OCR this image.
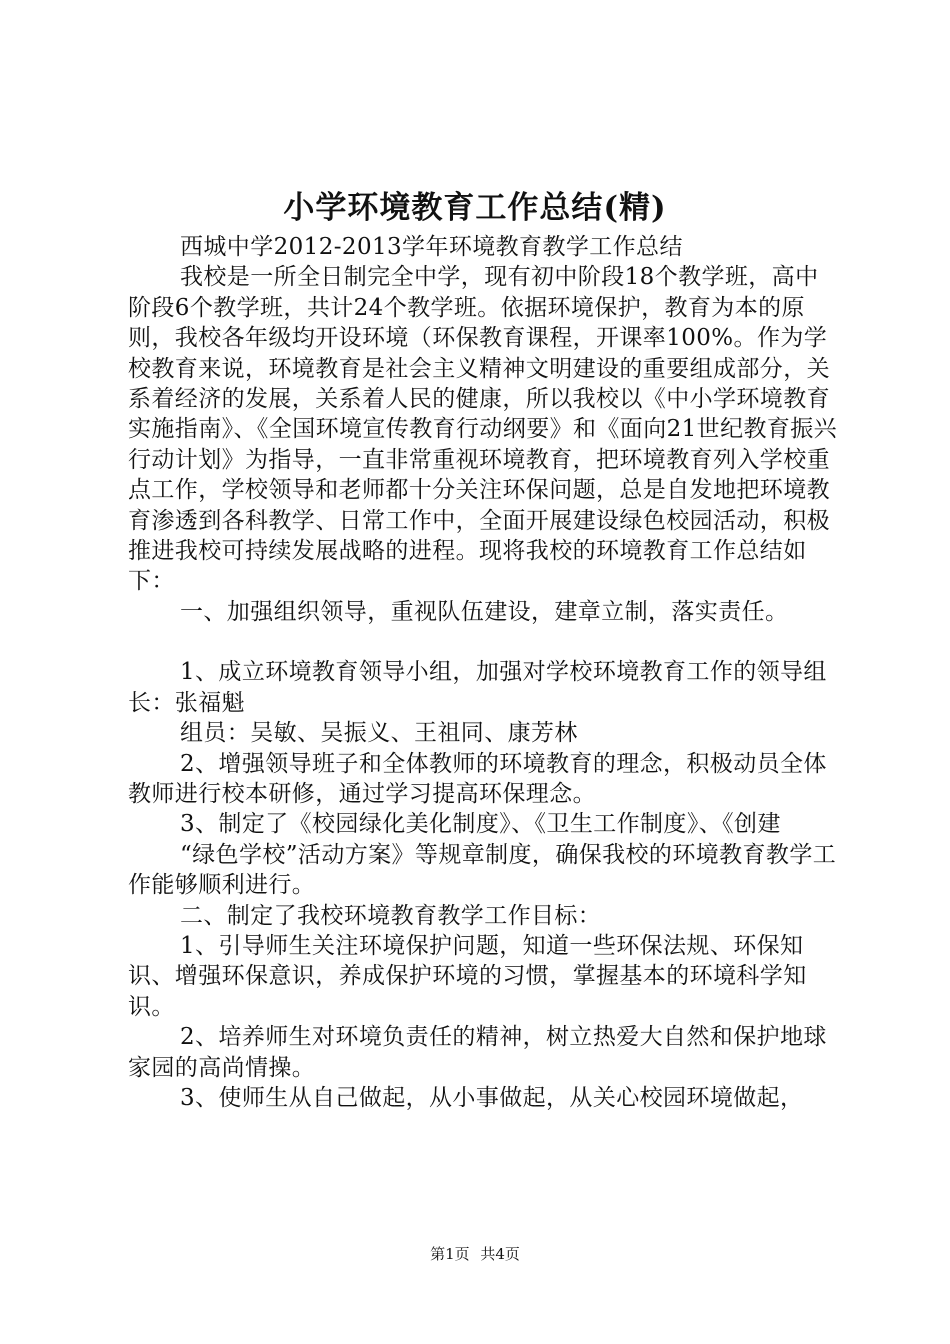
小学环境教育工作总结(精)

西城中学2012-2013学年环境教育教学工作总结

我校是一所全日制完全中学，现有初中阶段18个教学班，高中阶段6个教学班，共计24个教学班。依据环境保护，教育为本的原则，我校各年级均开设环境（环保教育课程，开课率100%。作为学校教育来说，环境教育是社会主义精神文明建设的重要组成部分，关系着经济的发展，关系着人民的健康，所以我校以《中小学环境教育实施指南》、《全国环境宣传教育行动纲要》和《面向21世纪教育振兴行动计划》为指导，一直非常重视环境教育，把环境教育列入学校重点工作，学校领导和老师都十分关注环保问题，总是自发地把环境教育渗透到各科教学、日常工作中，全面开展建设绿色校园活动，积极推进我校可持续发展战略的进程。现将我校的环境教育工作总结如下：

一、加强组织领导，重视队伍建设，建章立制，落实责任。

1、成立环境教育领导小组，加强对学校环境教育工作的领导组长：张福魁

组员：吴敏、吴振义、王祖同、康芳林

2、增强领导班子和全体教师的环境教育的理念，积极动员全体教师进行校本研修，通过学习提高环保理念。

3、制定了《校园绿化美化制度》、《卫生工作制度》、《创建

“绿色学校”活动方案》等规章制度，确保我校的环境教育教学工作能够顺利进行。

二、制定了我校环境教育教学工作目标：

1、引导师生关注环境保护问题，知道一些环保法规、环保知识、增强环保意识，养成保护环境的习惯，掌握基本的环境科学知识。

2、培养师生对环境负责任的精神，树立热爱大自然和保护地球家园的高尚情操。

3、使师生从自己做起，从小事做起，从关心校园环境做起，

第1页 共4页
